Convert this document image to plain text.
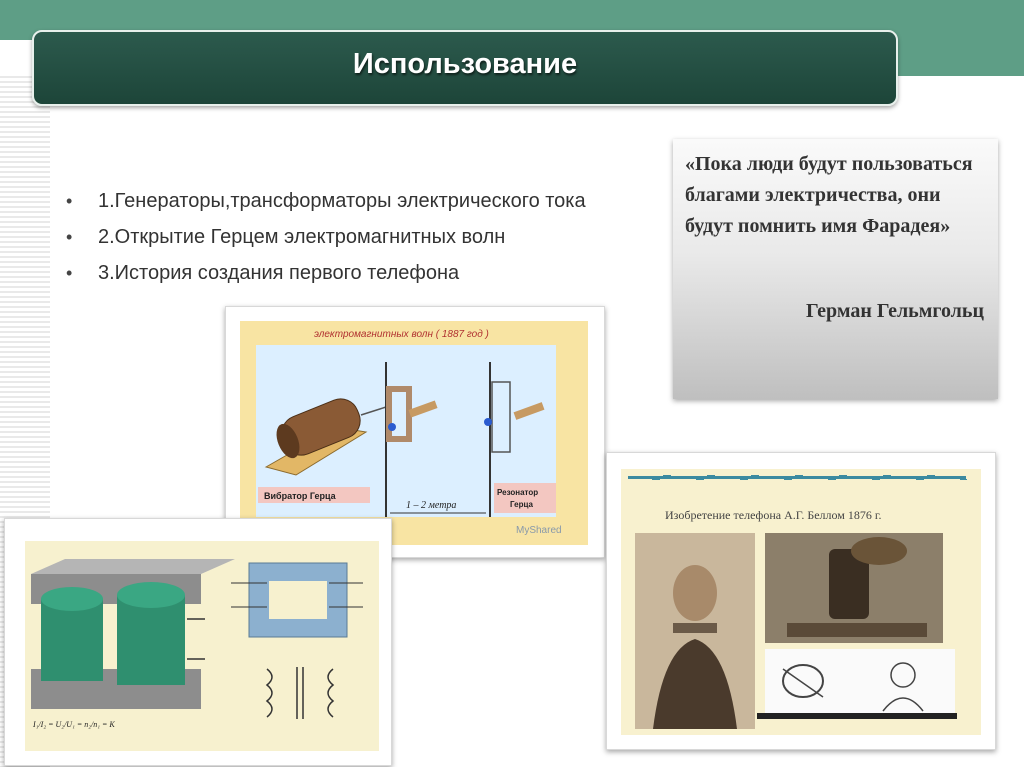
Использование
• 1.Генераторы,трансформаторы электрического тока
• 2.Открытие Герцем электромагнитных волн
• 3.История создания первого телефона
«Пока люди будут пользоваться благами электричества, они будут помнить имя Фарадея»
Герман Гельмгольц
электромагнитных волн ( 1887 год )
Вибратор Герца
1 – 2 метра
Резонатор
Герца
MyShared
I₁/I₂ = U₂/U₁ = n₂/n₁ = K
Изобретение телефона А.Г. Беллом 1876 г.
